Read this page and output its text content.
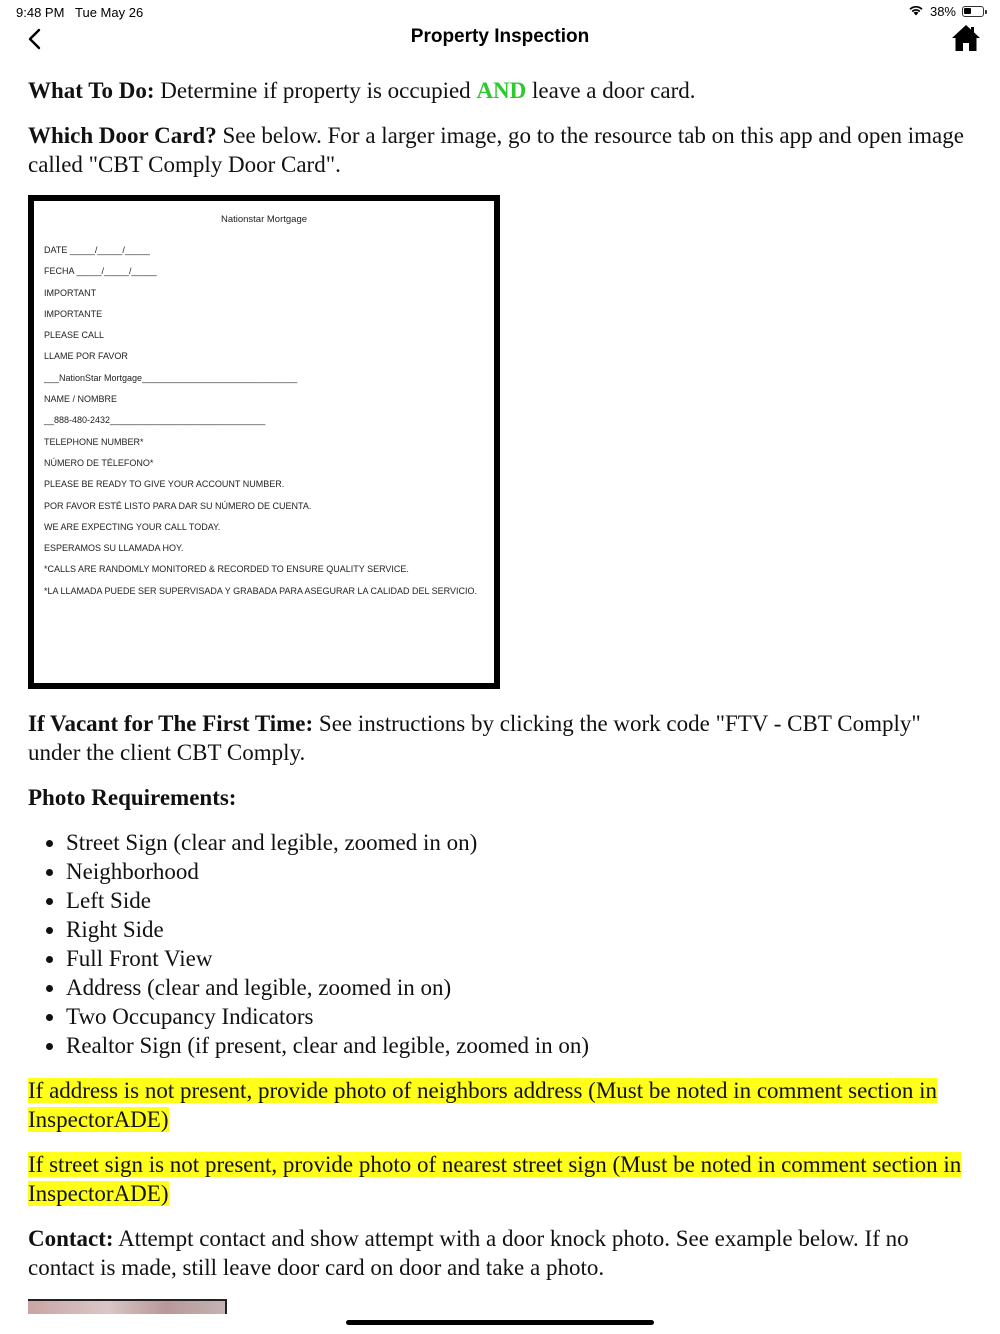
9:48 PM Tue May 26	38%
Property Inspection

What To Do: Determine if property is occupied AND leave a door card.

Which Door Card? See below. For a larger image, go to the resource tab on this app and open image called "CBT Comply Door Card".

Nationstar Mortgage
DATE _____/_____/_____
FECHA _____/_____/_____
IMPORTANT
IMPORTANTE
PLEASE CALL
LLAME POR FAVOR
___NationStar Mortgage_______________________________
NAME / NOMBRE
__888-480-2432_______________________________
TELEPHONE NUMBER*
NÚMERO DE TÉLEFONO*
PLEASE BE READY TO GIVE YOUR ACCOUNT NUMBER.
POR FAVOR ESTÉ LISTO PARA DAR SU NÚMERO DE CUENTA.
WE ARE EXPECTING YOUR CALL TODAY.
ESPERAMOS SU LLAMADA HOY.
*CALLS ARE RANDOMLY MONITORED & RECORDED TO ENSURE QUALITY SERVICE.
*LA LLAMADA PUEDE SER SUPERVISADA Y GRABADA PARA ASEGURAR LA CALIDAD DEL SERVICIO.

If Vacant for The First Time: See instructions by clicking the work code "FTV - CBT Comply" under the client CBT Comply.

Photo Requirements:

• Street Sign (clear and legible, zoomed in on)
• Neighborhood
• Left Side
• Right Side
• Full Front View
• Address (clear and legible, zoomed in on)
• Two Occupancy Indicators
• Realtor Sign (if present, clear and legible, zoomed in on)

If address is not present, provide photo of neighbors address (Must be noted in comment section in InspectorADE)

If street sign is not present, provide photo of nearest street sign (Must be noted in comment section in InspectorADE)

Contact: Attempt contact and show attempt with a door knock photo. See example below. If no contact is made, still leave door card on door and take a photo.
